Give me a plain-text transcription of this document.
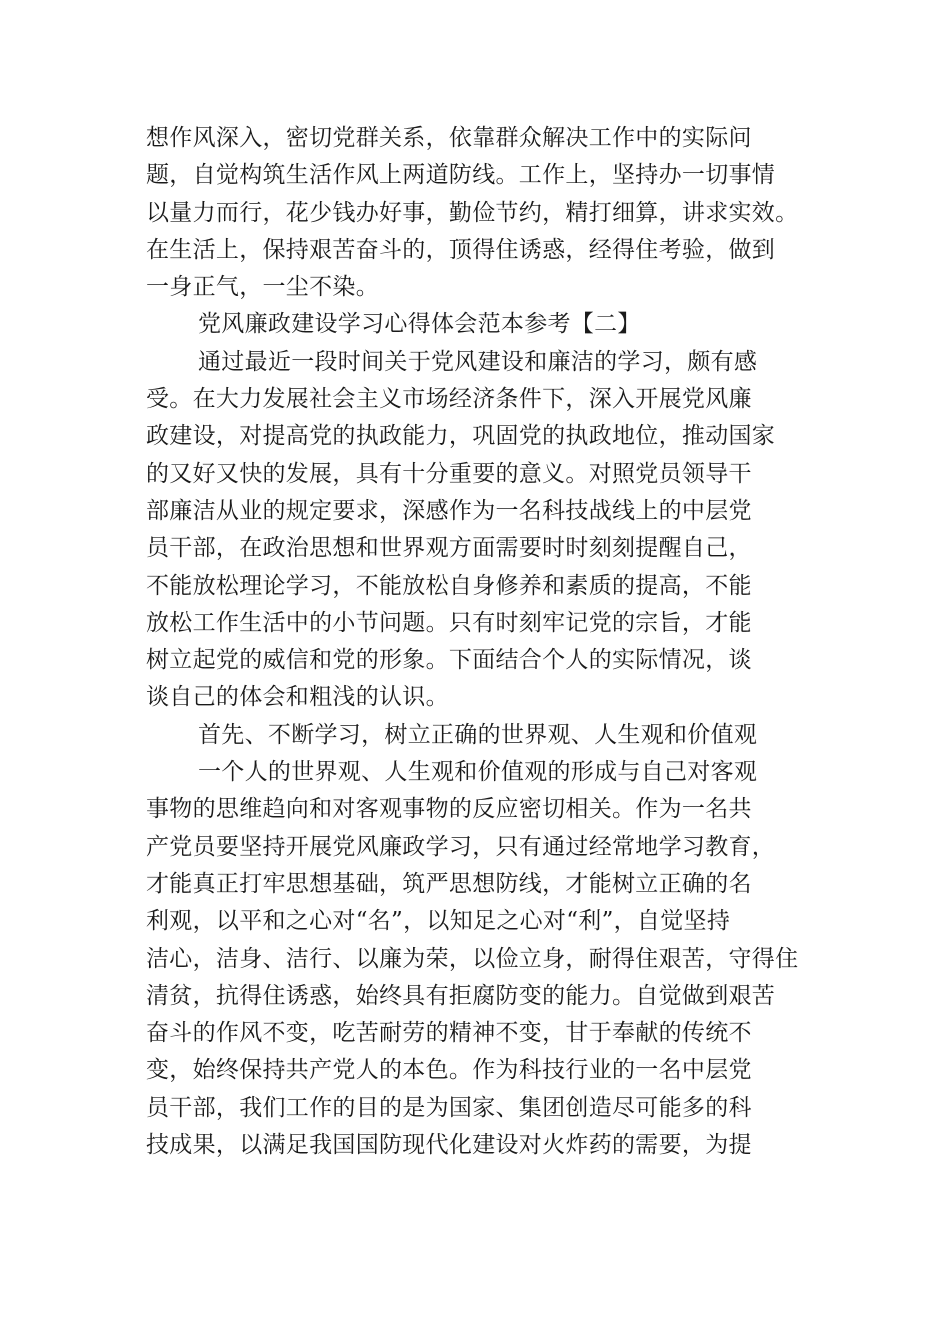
想作风深入，密切党群关系，依靠群众解决工作中的实际问
题，自觉构筑生活作风上两道防线。工作上，坚持办一切事情
以量力而行，花少钱办好事，勤俭节约，精打细算，讲求实效。
在生活上，保持艰苦奋斗的，顶得住诱惑，经得住考验，做到
一身正气，一尘不染。
党风廉政建设学习心得体会范本参考【二】
通过最近一段时间关于党风建设和廉洁的学习，颇有感
受。在大力发展社会主义市场经济条件下，深入开展党风廉
政建设，对提高党的执政能力，巩固党的执政地位，推动国家
的又好又快的发展，具有十分重要的意义。对照党员领导干
部廉洁从业的规定要求，深感作为一名科技战线上的中层党
员干部，在政治思想和世界观方面需要时时刻刻提醒自己，
不能放松理论学习，不能放松自身修养和素质的提高，不能
放松工作生活中的小节问题。只有时刻牢记党的宗旨，才能
树立起党的威信和党的形象。下面结合个人的实际情况，谈
谈自己的体会和粗浅的认识。
首先、不断学习，树立正确的世界观、人生观和价值观
一个人的世界观、人生观和价值观的形成与自己对客观
事物的思维趋向和对客观事物的反应密切相关。作为一名共
产党员要坚持开展党风廉政学习，只有通过经常地学习教育，
才能真正打牢思想基础，筑严思想防线，才能树立正确的名
利观，以平和之心对“名”，以知足之心对“利”，自觉坚持
洁心，洁身、洁行、以廉为荣，以俭立身，耐得住艰苦，守得住
清贫，抗得住诱惑，始终具有拒腐防变的能力。自觉做到艰苦
奋斗的作风不变，吃苦耐劳的精神不变，甘于奉献的传统不
变，始终保持共产党人的本色。作为科技行业的一名中层党
员干部，我们工作的目的是为国家、集团创造尽可能多的科
技成果，以满足我国国防现代化建设对火炸药的需要，为提
